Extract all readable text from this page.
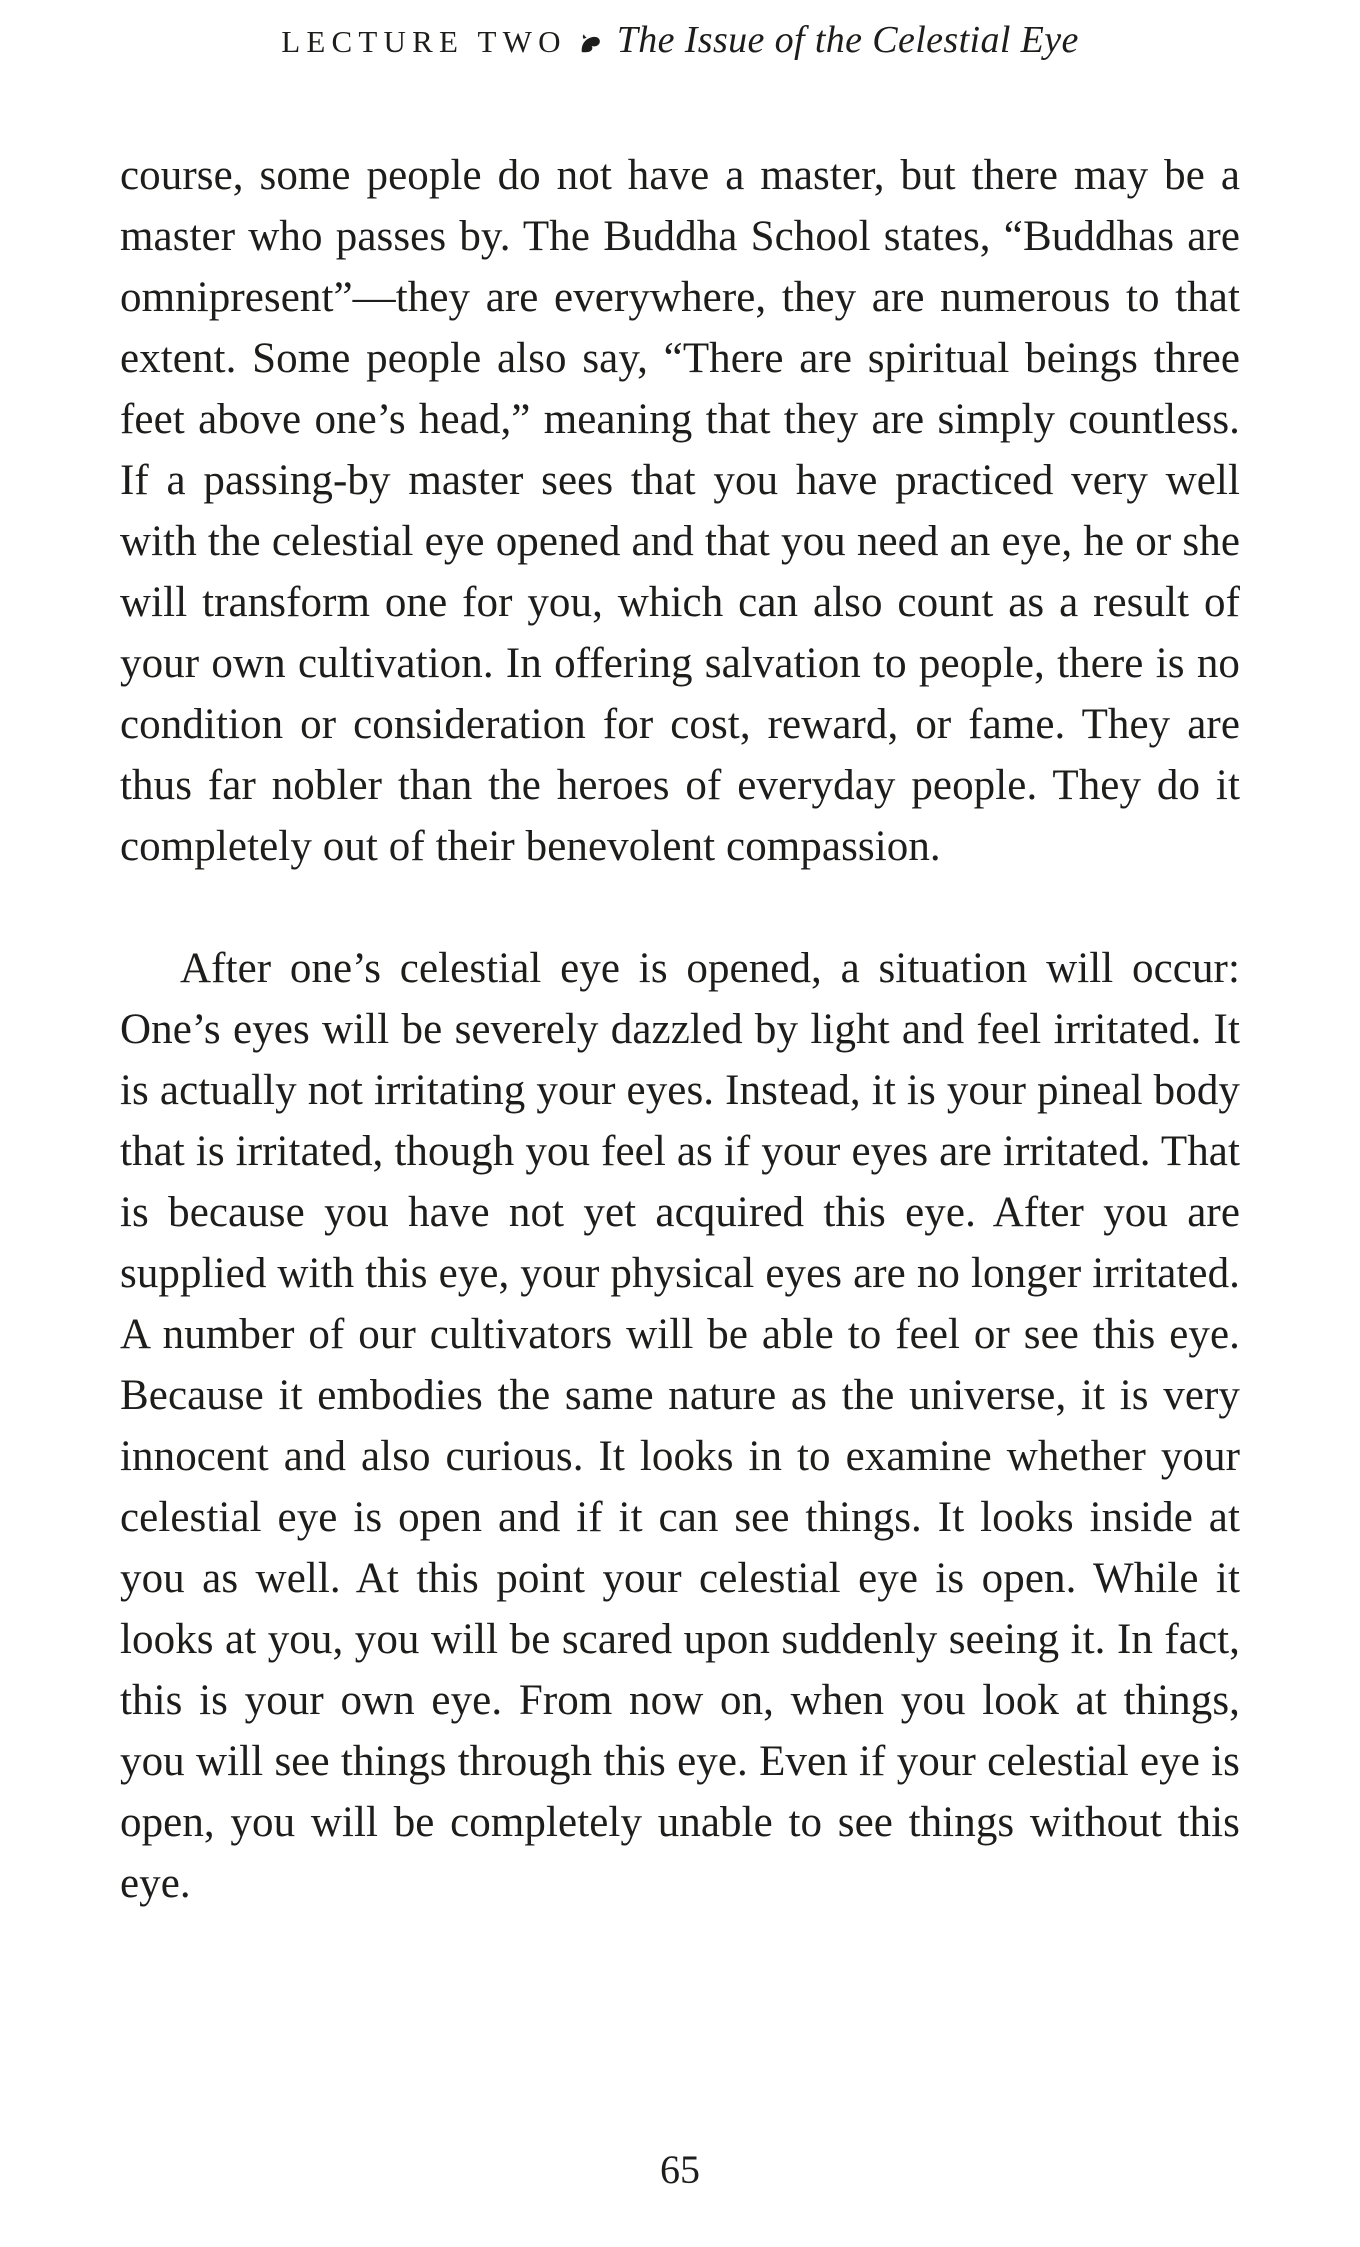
LECTURE TWO The Issue of the Celestial Eye

course, some people do not have a master, but there may be a master who passes by. The Buddha School states, “Buddhas are omnipresent”—they are everywhere, they are numerous to that extent. Some people also say, “There are spiritual beings three feet above one’s head,” meaning that they are simply countless. If a passing-by master sees that you have practiced very well with the celestial eye opened and that you need an eye, he or she will transform one for you, which can also count as a result of your own cultivation. In offering salvation to people, there is no condition or consideration for cost, reward, or fame. They are thus far nobler than the heroes of everyday people. They do it completely out of their benevolent compassion.

After one’s celestial eye is opened, a situation will occur: One’s eyes will be severely dazzled by light and feel irritated. It is actually not irritating your eyes. Instead, it is your pineal body that is irritated, though you feel as if your eyes are irritated. That is because you have not yet acquired this eye. After you are supplied with this eye, your physical eyes are no longer irritated. A number of our cultivators will be able to feel or see this eye. Because it embodies the same nature as the universe, it is very innocent and also curious. It looks in to examine whether your celestial eye is open and if it can see things. It looks inside at you as well. At this point your celestial eye is open. While it looks at you, you will be scared upon suddenly seeing it. In fact, this is your own eye. From now on, when you look at things, you will see things through this eye. Even if your celestial eye is open, you will be completely unable to see things without this eye.

65
